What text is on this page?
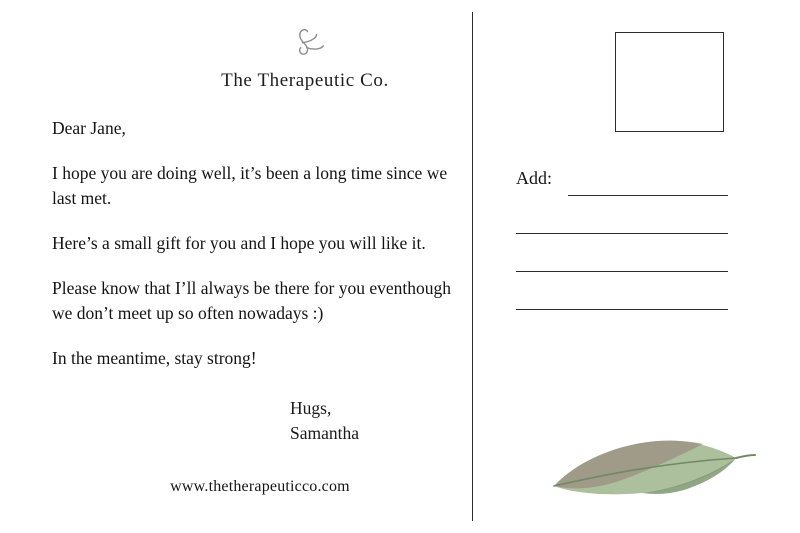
The Therapeutic Co.

Dear Jane,

I hope you are doing well, it’s been a long time since we last met.

Here’s a small gift for you and I hope you will like it.

Please know that I’ll always be there for you eventhough we don’t meet up so often nowadays :)

In the meantime, stay strong!

Hugs,
Samantha
www.thetherapeuticco.com
Add:
